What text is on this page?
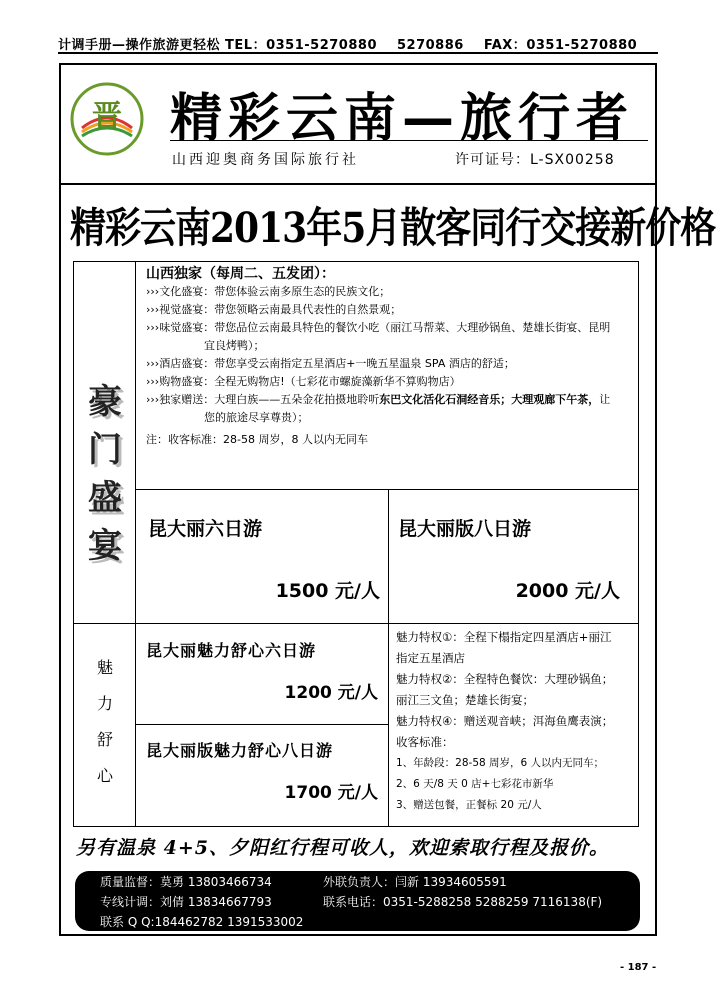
计调手册—操作旅游更轻松 TEL：0351-5270880 5270886 FAX：0351-5270880
晋 精彩云南—旅行者
山西迎奥商务国际旅行社	许可证号：L-SX00258
精彩云南2013年5月散客同行交接新价格
豪
门
盛
宴
山西独家（每周二、五发团）：
›››文化盛宴：带您体验云南多原生态的民族文化；
›››视觉盛宴：带您领略云南最具代表性的自然景观；
›››味觉盛宴：带您品位云南最具特色的餐饮小吃（丽江马帮菜、大理砂锅鱼、楚雄长街宴、昆明
宜良烤鸭）；
›››酒店盛宴：带您享受云南指定五星酒店+一晚五星温泉 SPA 酒店的舒适；
›››购物盛宴：全程无购物店!（七彩花市螺旋藻新华不算购物店）
›››独家赠送：大理白族——五朵金花拍摄地聆听东巴文化活化石洞经音乐；大理观廊下午茶，让
您的旅途尽享尊贵）；
注：收客标准：28-58 周岁，8 人以内无同车
昆大丽六日游
1500 元/人
昆大丽版八日游
2000 元/人
魅
力
舒
心
昆大丽魅力舒心六日游
1200 元/人
昆大丽版魅力舒心八日游
1700 元/人
魅力特权①：全程下榻指定四星酒店+丽江
指定五星酒店
魅力特权②：全程特色餐饮：大理砂锅鱼；
丽江三文鱼；楚雄长街宴；
魅力特权④：赠送观音峡；洱海鱼鹰表演；
收客标准：
1、年龄段：28-58 周岁，6 人以内无同车；
2、6 天/8 天 0 店+七彩花市新华
3、赠送包餐，正餐标 20 元/人
另有温泉 4+5、夕阳红行程可收人，欢迎索取行程及报价。
质量监督：莫勇 13803466734	外联负责人：闫新 13934605591
专线计调：刘倩 13834667793	联系电话：0351-5288258 5288259 7116138(F)
联系 Q Q:184462782 1391533002
- 187 -
